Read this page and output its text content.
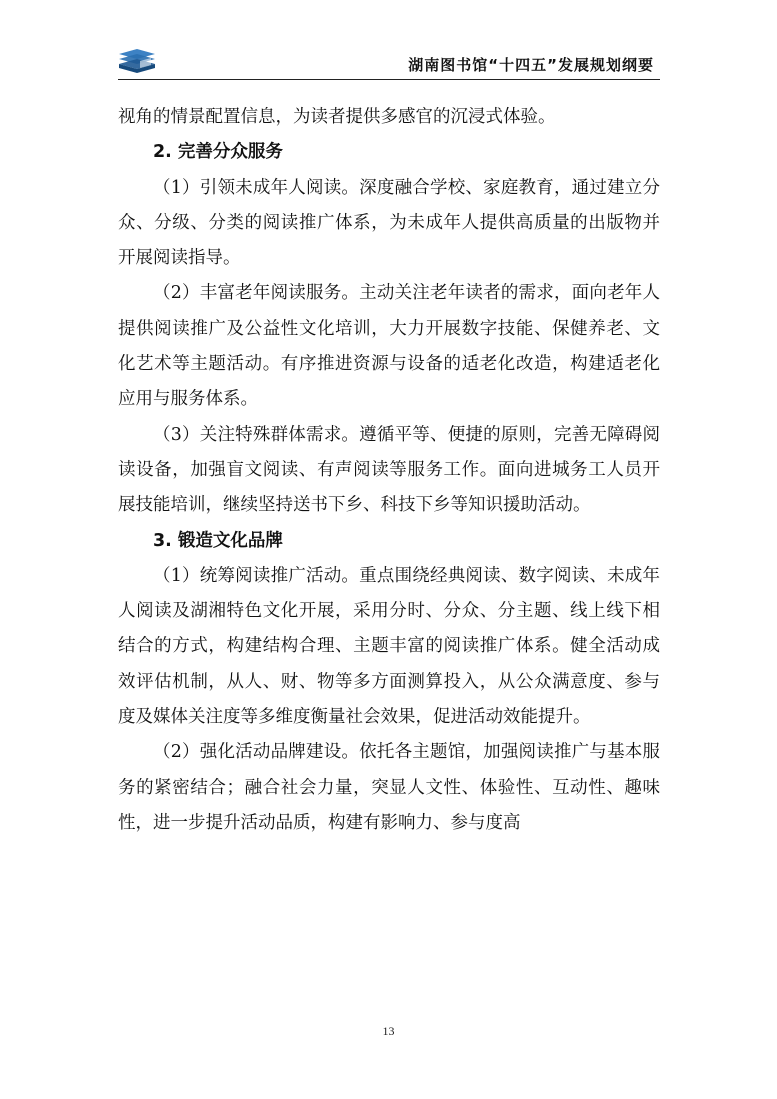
湖南图书馆“十四五”发展规划纲要

视角的情景配置信息，为读者提供多感官的沉浸式体验。

2. 完善分众服务

（1）引领未成年人阅读。深度融合学校、家庭教育，通过建立分众、分级、分类的阅读推广体系，为未成年人提供高质量的出版物并开展阅读指导。

（2）丰富老年阅读服务。主动关注老年读者的需求，面向老年人提供阅读推广及公益性文化培训，大力开展数字技能、保健养老、文化艺术等主题活动。有序推进资源与设备的适老化改造，构建适老化应用与服务体系。

（3）关注特殊群体需求。遵循平等、便捷的原则，完善无障碍阅读设备，加强盲文阅读、有声阅读等服务工作。面向进城务工人员开展技能培训，继续坚持送书下乡、科技下乡等知识援助活动。

3. 锻造文化品牌

（1）统筹阅读推广活动。重点围绕经典阅读、数字阅读、未成年人阅读及湖湘特色文化开展，采用分时、分众、分主题、线上线下相结合的方式，构建结构合理、主题丰富的阅读推广体系。健全活动成效评估机制，从人、财、物等多方面测算投入，从公众满意度、参与度及媒体关注度等多维度衡量社会效果，促进活动效能提升。

（2）强化活动品牌建设。依托各主题馆，加强阅读推广与基本服务的紧密结合；融合社会力量，突显人文性、体验性、互动性、趣味性，进一步提升活动品质，构建有影响力、参与度高

13
